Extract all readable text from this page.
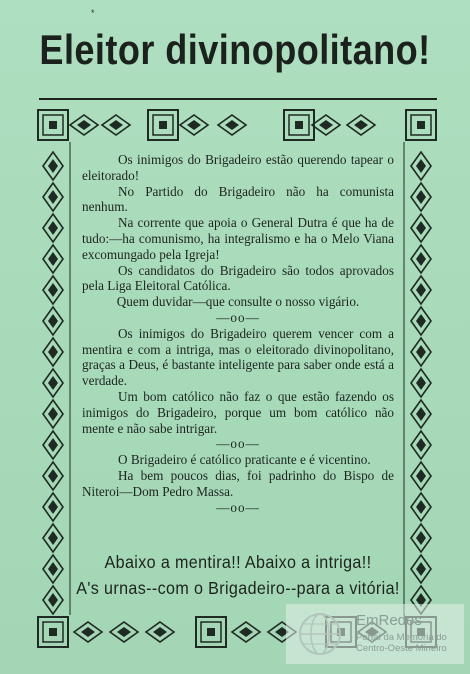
*
Eleitor divinopolitano!

Os inimigos do Brigadeiro estão querendo tapear o eleitorado!

No Partido do Brigadeiro não ha comunista nenhum.

Na corrente que apoia o General Dutra é que ha de tudo:—ha comunismo, ha integralismo e ha o Melo Viana excomungado pela Igreja!

Os candidatos do Brigadeiro são todos aprovados pela Liga Eleitoral Católica.

Quem duvidar—que consulte o nosso vigário.

—oo—

Os inimigos do Brigadeiro querem vencer com a mentira e com a intriga, mas o eleitorado divinopolitano, graças a Deus, é bastante inteligente para saber onde está a verdade.

Um bom católico não faz o que estão fazendo os inimigos do Brigadeiro, porque um bom católico não mente e não sabe intrigar.

—oo—

O Brigadeiro é católico praticante e é vicentino.

Ha bem poucos dias, foi padrinho do Bispo de Niteroi—Dom Pedro Massa.

—oo—

Abaixo a mentira!! Abaixo a intriga!!
A's urnas--com o Brigadeiro--para a vitória!
EmRedes
Portal da Memória do Centro-Oeste Mineiro
